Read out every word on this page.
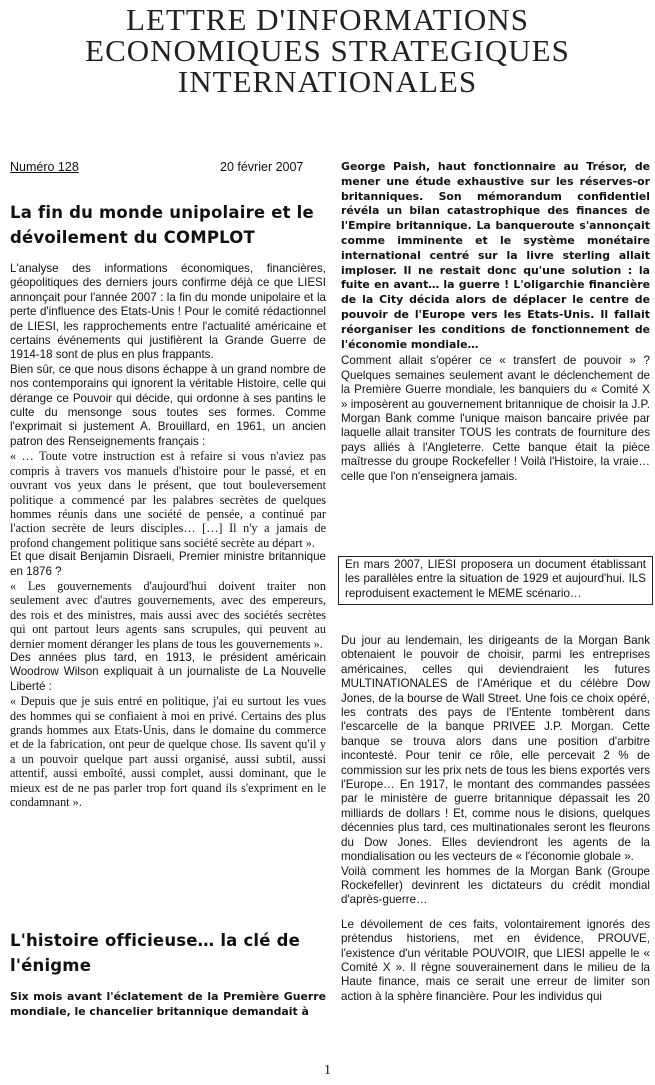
LETTRE D'INFORMATIONS
ECONOMIQUES STRATEGIQUES
INTERNATIONALES
Numéro 128	20 février 2007
La fin du monde unipolaire et le
dévoilement du COMPLOT

L'analyse des informations économiques, financières, géopolitiques des derniers jours confirme déjà ce que LIESI annonçait pour l'année 2007 : la fin du monde unipolaire et la perte d'influence des Etats-Unis ! Pour le comité rédactionnel de LIESI, les rapprochements entre l'actualité américaine et certains événements qui justifièrent la Grande Guerre de 1914-18 sont de plus en plus frappants.

Bien sûr, ce que nous disons échappe à un grand nombre de nos contemporains qui ignorent la véritable Histoire, celle qui dérange ce Pouvoir qui décide, qui ordonne à ses pantins le culte du mensonge sous toutes ses formes. Comme l'exprimait si justement A. Brouillard, en 1961, un ancien patron des Renseignements français :

« … Toute votre instruction est à refaire si vous n'aviez pas compris à travers vos manuels d'histoire pour le passé, et en ouvrant vos yeux dans le présent, que tout bouleversement politique a commencé par les palabres secrètes de quelques hommes réunis dans une société de pensée, a continué par l'action secrète de leurs disciples… […] Il n'y a jamais de profond changement politique sans société secrète au départ ».

Et que disait Benjamin Disraeli, Premier ministre britannique en 1876 ?

« Les gouvernements d'aujourd'hui doivent traiter non seulement avec d'autres gouvernements, avec des empereurs, des rois et des ministres, mais aussi avec des sociétés secrètes qui ont partout leurs agents sans scrupules, qui peuvent au dernier moment déranger les plans de tous les gouvernements ».

Des années plus tard, en 1913, le président américain Woodrow Wilson expliquait à un journaliste de La Nouvelle Liberté :

« Depuis que je suis entré en politique, j'ai eu surtout les vues des hommes qui se confiaient à moi en privé. Certains des plus grands hommes aux Etats-Unis, dans le domaine du commerce et de la fabrication, ont peur de quelque chose. Ils savent qu'il y a un pouvoir quelque part aussi organisé, aussi subtil, aussi attentif, aussi emboîté, aussi complet, aussi dominant, que le mieux est de ne pas parler trop fort quand ils s'expriment en le condamnant ».

L'histoire officieuse… la clé de
l'énigme

Six mois avant l'éclatement de la Première Guerre mondiale, le chancelier britannique demandait à

George Paish, haut fonctionnaire au Trésor, de mener une étude exhaustive sur les réserves-or britanniques. Son mémorandum confidentiel révéla un bilan catastrophique des finances de l'Empire britannique. La banqueroute s'annonçait comme imminente et le système monétaire international centré sur la livre sterling allait imploser. Il ne restait donc qu'une solution : la fuite en avant… la guerre ! L'oligarchie financière de la City décida alors de déplacer le centre de pouvoir de l'Europe vers les Etats-Unis. Il fallait réorganiser les conditions de fonctionnement de l'économie mondiale…

Comment allait s'opérer ce « transfert de pouvoir » ? Quelques semaines seulement avant le déclenchement de la Première Guerre mondiale, les banquiers du « Comité X » imposèrent au gouvernement britannique de choisir la J.P. Morgan Bank comme l'unique maison bancaire privée par laquelle allait transiter TOUS les contrats de fourniture des pays alliés à l'Angleterre. Cette banque était la pièce maîtresse du groupe Rockefeller ! Voilà l'Histoire, la vraie… celle que l'on n'enseignera jamais.

En mars 2007, LIESI proposera un document établissant les parallèles entre la situation de 1929 et aujourd'hui. ILS reproduisent exactement le MEME scénario…

Du jour au lendemain, les dirigeants de la Morgan Bank obtenaient le pouvoir de choisir, parmi les entreprises américaines, celles qui deviendraient les futures MULTINATIONALES de l'Amérique et du célèbre Dow Jones, de la bourse de Wall Street. Une fois ce choix opéré, les contrats des pays de l'Entente tombèrent dans l'escarcelle de la banque PRIVEE J.P. Morgan. Cette banque se trouva alors dans une position d'arbitre incontesté. Pour tenir ce rôle, elle percevait 2 % de commission sur les prix nets de tous les biens exportés vers l'Europe… En 1917, le montant des commandes passées par le ministère de guerre britannique dépassait les 20 milliards de dollars ! Et, comme nous le disions, quelques décennies plus tard, ces multinationales seront les fleurons du Dow Jones. Elles deviendront les agents de la mondialisation ou les vecteurs de « l'économie globale ».

Voilà comment les hommes de la Morgan Bank (Groupe Rockefeller) devinrent les dictateurs du crédit mondial d'après-guerre…

Le dévoilement de ces faits, volontairement ignorés des prétendus historiens, met en évidence, PROUVE, l'existence d'un véritable POUVOIR, que LIESI appelle le « Comité X ». Il règne souverainement dans le milieu de la Haute finance, mais ce serait une erreur de limiter son action à la sphère financière. Pour les individus qui

1
